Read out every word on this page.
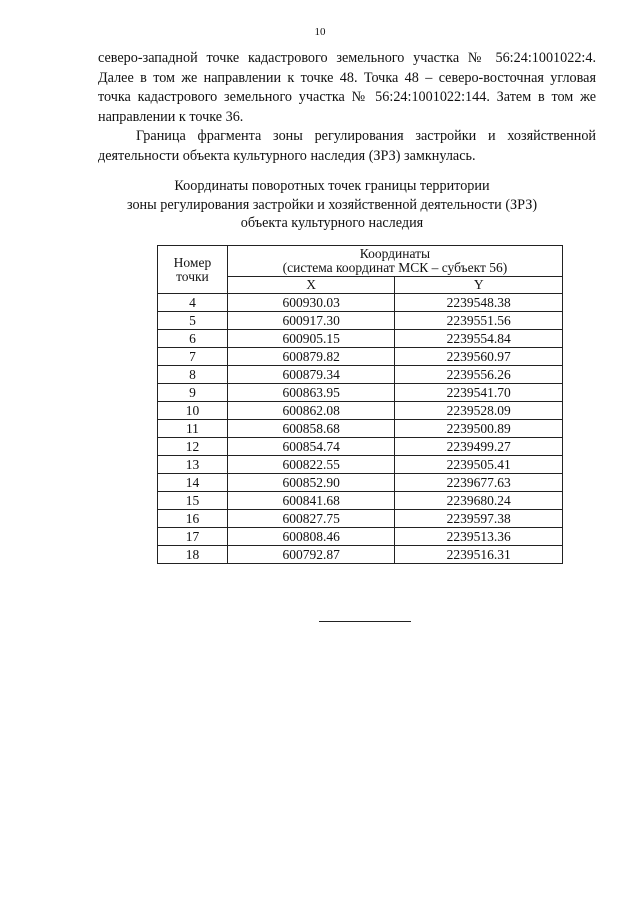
10

северо-западной точке кадастрового земельного участка № 56:24:1001022:4. Далее в том же направлении к точке 48. Точка 48 – северо-восточная угловая точка кадастрового земельного участка № 56:24:1001022:144. Затем в том же направлении к точке 36.

Граница фрагмента зоны регулирования застройки и хозяйственной деятельности объекта культурного наследия (ЗРЗ) замкнулась.

Координаты поворотных точек границы территории
зоны регулирования застройки и хозяйственной деятельности (ЗРЗ)
объекта культурного наследия
Номер
точки	Координаты
(система координат МСК – субъект 56)	
	X	Y
4	600930.03	2239548.38
5	600917.30	2239551.56
6	600905.15	2239554.84
7	600879.82	2239560.97
8	600879.34	2239556.26
9	600863.95	2239541.70
10	600862.08	2239528.09
11	600858.68	2239500.89
12	600854.74	2239499.27
13	600822.55	2239505.41
14	600852.90	2239677.63
15	600841.68	2239680.24
16	600827.75	2239597.38
17	600808.46	2239513.36
18	600792.87	2239516.31
